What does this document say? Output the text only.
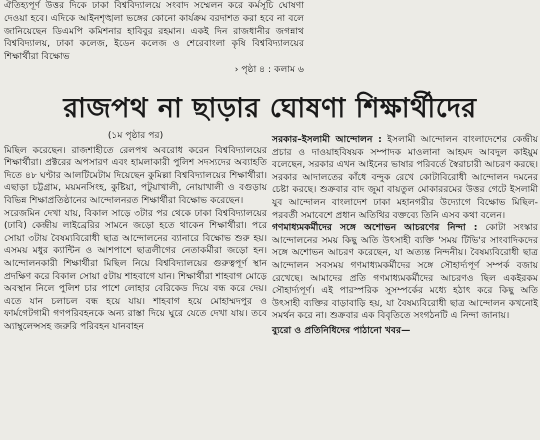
ঐতিহ্যপূর্ণ উত্তর দিকে ঢাকা বিশ্ববিদ্যালয়ে সংবাদ সম্মেলন করে কর্মসূচি ঘোষণা দেওয়া হবে। এদিকে আইনশৃঙ্খলা ভঙ্গের কোনো কার্যক্রম বরদাশত করা হবে না বলে জানিয়েছেন ডিএমপি কমিশনার হাবিবুর রহমান। একই দিন রাজধানীর জগন্নাথ বিশ্ববিদ্যালয়, ঢাকা কলেজ, ইডেন কলেজ ও শেরেবাংলা কৃষি বিশ্ববিদ্যালয়ের শিক্ষার্থীরা বিক্ষোভ

› পৃষ্ঠা ৪ : কলাম ৬
রাজপথ না ছাড়ার ঘোষণা শিক্ষার্থীদের
(১ম পৃষ্ঠার পর)

মিছিল করেছেন। রাজশাহীতে রেলপথ অবরোধ করেন বিশ্ববিদ্যালয়ের শিক্ষার্থীরা। প্রক্টরের অপসারণ এবং হামলাকারী পুলিশ সদস্যদের অব্যাহতি দিতে ৪৮ ঘণ্টার আলটিমেটাম দিয়েছেন কুমিল্লা বিশ্ববিদ্যালয়ের শিক্ষার্থীরা। এছাড়া চট্টগ্রাম, ময়মনসিংহ, কুষ্টিয়া, পটুয়াখালী, নোয়াখালী ও বগুড়ায় বিভিন্ন শিক্ষাপ্রতিষ্ঠানের আন্দোলনরত শিক্ষার্থীরা বিক্ষোভ করেছেন।

সরেজমিন দেখা যায়, বিকাল সাড়ে ৩টার পর থেকে ঢাকা বিশ্ববিদ্যালয়ের (ঢাবি) কেন্দ্রীয় লাইব্রেরির সামনে জড়ো হতে থাকেন শিক্ষার্থীরা। পরে সোয়া ৩টায় বৈষম্যবিরোধী ছাত্র আন্দোলনের ব্যানারে বিক্ষোভ শুরু হয়। এসময় মধুর ক্যান্টিন ও আশপাশে ছাত্রলীগের নেতাকর্মীরা জড়ো হন। আন্দোলনকারী শিক্ষার্থীরা মিছিল নিয়ে বিশ্ববিদ্যালয়ের গুরুত্বপূর্ণ স্থান প্রদক্ষিণ করে বিকাল সোয়া ৫টায় শাহবাগে যান। শিক্ষার্থীরা শাহবাগ মোড়ে অবস্থান নিলে পুলিশ চার পাশে লোহার বেরিকেড দিয়ে বন্ধ করে দেয়। এতে যান চলাচল বন্ধ হয়ে যায়। শাহবাগ হয়ে মোহাম্মদপুর ও ফার্মগেটগামী গণপরিবহনকে অন্য রাস্তা দিয়ে ঘুরে যেতে দেখা যায়। তবে অ্যাম্বুলেন্সসহ জরুরি পরিবহন যানবাহন

সরকার–ইসলামী আন্দোলন : ইসলামী আন্দোলন বাংলাদেশের কেন্দ্রীয় প্রচার ও দাওয়াহবিষয়ক সম্পাদক মাওলানা আহমদ আবদুল কাইয়ুম বলেছেন, সরকার এখন আইনের ভাষার পরিবর্তে স্বৈরাচারী আচরণ করছে। সরকার আদালতের কাঁধে বন্দুক রেখে কোটাবিরোধী আন্দোলন দমনের চেষ্টা করছে। শুক্রবার বাদ জুমা বায়তুল মোকাররমের উত্তর গেটে ইসলামী যুব আন্দোলন বাংলাদেশ ঢাকা মহানগরীর উদ্যোগে বিক্ষোভ মিছিল-পরবর্তী সমাবেশে প্রধান অতিথির বক্তব্যে তিনি এসব কথা বলেন।

গণমাধ্যমকর্মীদের সঙ্গে অশোভন আচরণের নিন্দা : কোটা সংস্কার আন্দোলনের সময় কিছু অতি উৎসাহী ব্যক্তি 'সময় টিভি'র সাংবাদিকদের সঙ্গে অশোভন আচরণ করেছেন, যা অত্যন্ত নিন্দনীয়। বৈষম্যবিরোধী ছাত্র আন্দোলন সবসময় গণমাধ্যমকর্মীদের সঙ্গে সৌহার্দ্যপূর্ণ সম্পর্ক বজায় রেখেছে। আমাদের প্রতি গণমাধ্যমকর্মীদের আচরণও ছিল একইরকম সৌহার্দ্যপূর্ণ। এই পারস্পরিক সুসম্পর্কের মধ্যে হঠাৎ করে কিছু অতি উৎসাহী ব্যক্তির বাড়াবাড়ি হয়, যা বৈষম্যবিরোধী ছাত্র আন্দোলন কখনোই সমর্থন করে না। শুক্রবার এক বিবৃতিতে সংগঠনটি এ নিন্দা জানায়।

ব্যুরো ও প্রতিনিধিদের পাঠানো খবর—
